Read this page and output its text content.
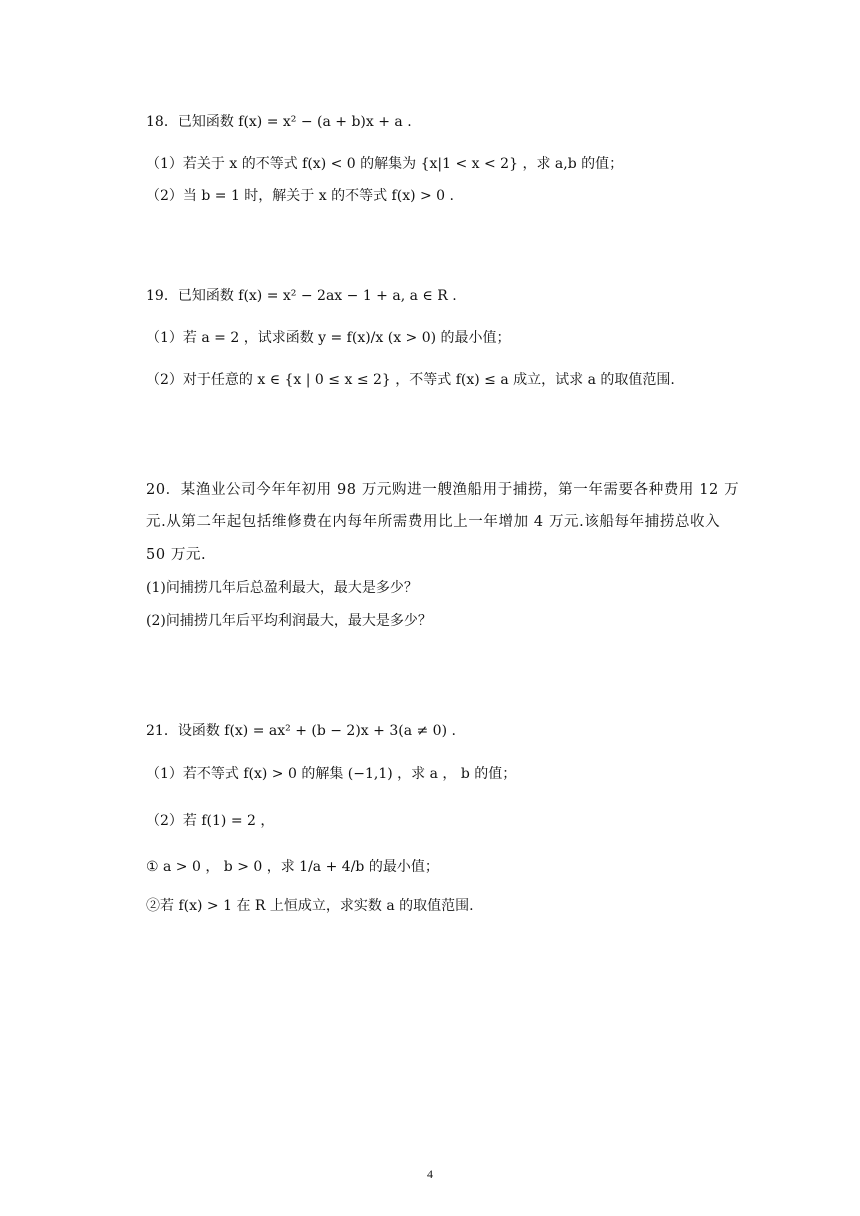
18．已知函数 f(x) = x² − (a + b)x + a .
（1）若关于 x 的不等式 f(x) < 0 的解集为 {x|1 < x < 2} ，求 a,b 的值；
（2）当 b = 1 时，解关于 x 的不等式 f(x) > 0 .
19．已知函数 f(x) = x² − 2ax − 1 + a, a ∈ R .
（1）若 a = 2 ，试求函数 y = f(x)/x (x > 0) 的最小值；
（2）对于任意的 x ∈ {x | 0 ≤ x ≤ 2} ，不等式 f(x) ≤ a 成立，试求 a 的取值范围.
20．某渔业公司今年年初用 98 万元购进一艘渔船用于捕捞，第一年需要各种费用 12 万
元.从第二年起包括维修费在内每年所需费用比上一年增加 4 万元.该船每年捕捞总收入
50 万元.
(1)问捕捞几年后总盈利最大，最大是多少？
(2)问捕捞几年后平均利润最大，最大是多少？
21．设函数 f(x) = ax² + (b − 2)x + 3(a ≠ 0) .
（1）若不等式 f(x) > 0 的解集 (−1,1) ，求 a ， b 的值；
（2）若 f(1) = 2 ，
① a > 0 ， b > 0 ，求 1/a + 4/b 的最小值；
②若 f(x) > 1 在 R 上恒成立，求实数 a 的取值范围.
4
